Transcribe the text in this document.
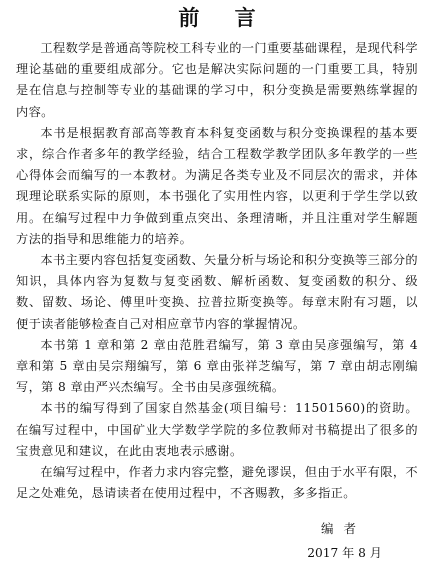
前 言

工程数学是普通高等院校工科专业的一门重要基础课程，是现代科学理论基础的重要组成部分。它也是解决实际问题的一门重要工具，特别是在信息与控制等专业的基础课的学习中，积分变换是需要熟练掌握的内容。

本书是根据教育部高等教育本科复变函数与积分变换课程的基本要求，综合作者多年的教学经验，结合工程数学教学团队多年教学的一些心得体会而编写的一本教材。为满足各类专业及不同层次的需求，并体现理论联系实际的原则，本书强化了实用性内容，以更利于学生学以致用。在编写过程中力争做到重点突出、条理清晰，并且注重对学生解题方法的指导和思维能力的培养。

本书主要内容包括复变函数、矢量分析与场论和积分变换等三部分的知识，具体内容为复数与复变函数、解析函数、复变函数的积分、级数、留数、场论、傅里叶变换、拉普拉斯变换等。每章末附有习题，以便于读者能够检查自己对相应章节内容的掌握情况。

本书第 1 章和第 2 章由范胜君编写，第 3 章由吴彦强编写，第 4 章和第 5 章由吴宗翔编写，第 6 章由张祥芝编写，第 7 章由胡志刚编写，第 8 章由严兴杰编写。全书由吴彦强统稿。

本书的编写得到了国家自然基金(项目编号：11501560)的资助。在编写过程中，中国矿业大学数学学院的多位教师对书稿提出了很多的宝贵意见和建议，在此由衷地表示感谢。

在编写过程中，作者力求内容完整，避免谬误，但由于水平有限，不足之处难免，恳请读者在使用过程中，不吝赐教，多多指正。

编者
2017 年 8 月
